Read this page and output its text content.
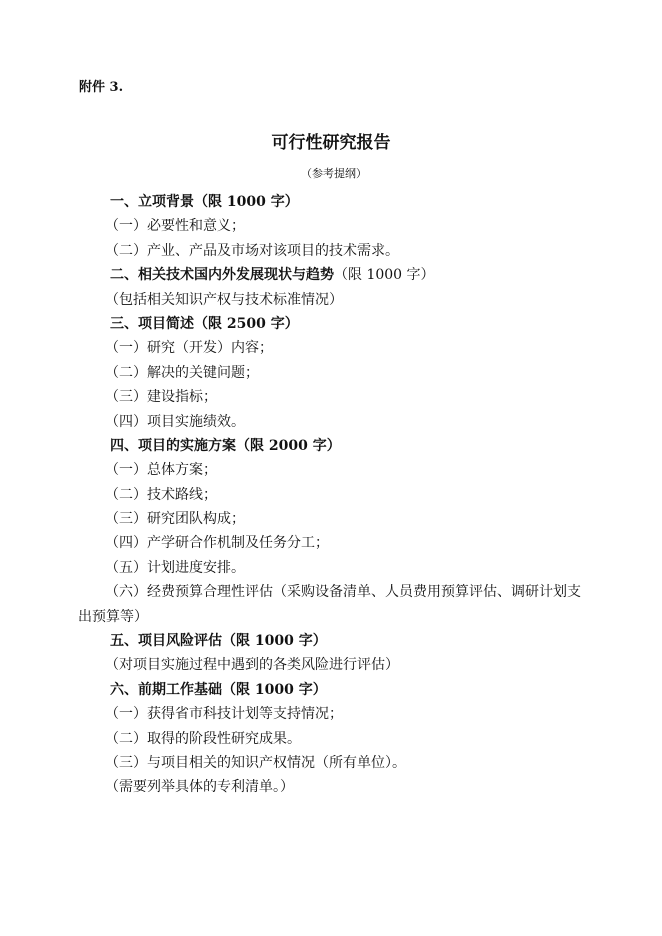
附件 3.
可行性研究报告
（参考提纲）
一、立项背景（限 1000 字）
（一）必要性和意义；
（二）产业、产品及市场对该项目的技术需求。
二、相关技术国内外发展现状与趋势（限 1000 字）
（包括相关知识产权与技术标准情况）
三、项目简述（限 2500 字）
（一）研究（开发）内容；
（二）解决的关键问题；
（三）建设指标；
（四）项目实施绩效。
四、项目的实施方案（限 2000 字）
（一）总体方案；
（二）技术路线；
（三）研究团队构成；
（四）产学研合作机制及任务分工；
（五）计划进度安排。
（六）经费预算合理性评估（采购设备清单、人员费用预算评估、调研计划支出预算等）
五、项目风险评估（限 1000 字）
（对项目实施过程中遇到的各类风险进行评估）
六、前期工作基础（限 1000 字）
（一）获得省市科技计划等支持情况；
（二）取得的阶段性研究成果。
（三）与项目相关的知识产权情况（所有单位）。
（需要列举具体的专利清单。）
